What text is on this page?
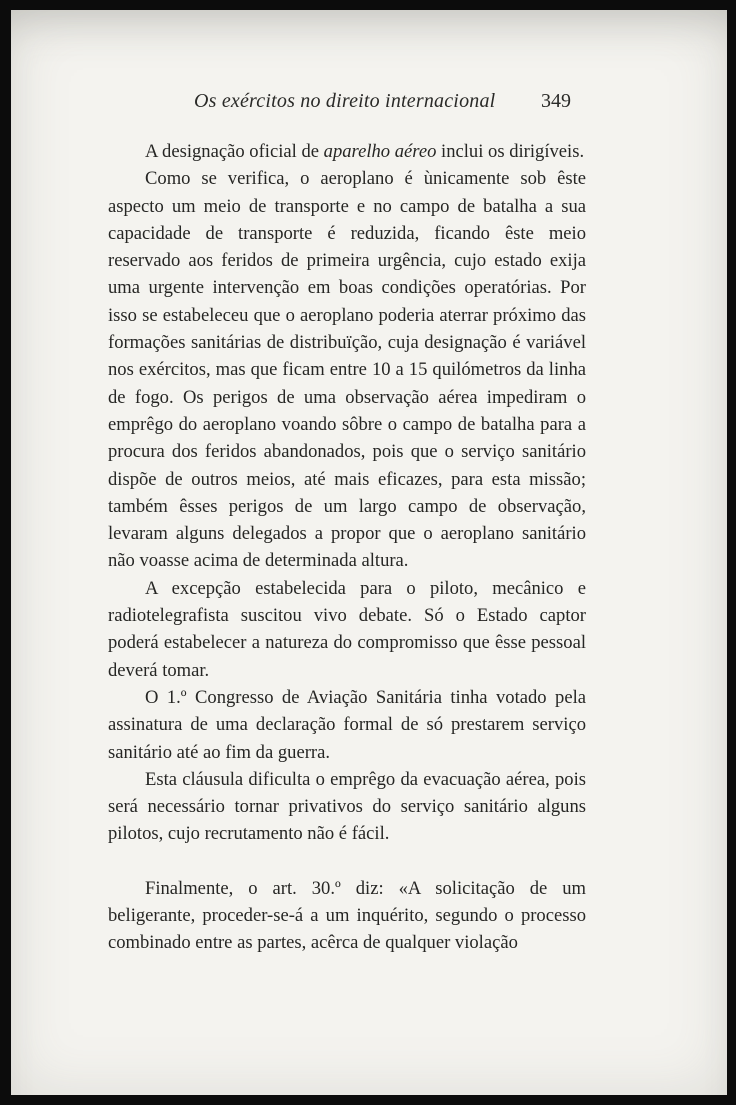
Os exércitos no direito internacional 349

A designação oficial de aparelho aéreo inclui os dirigíveis.

Como se verifica, o aeroplano é ùnicamente sob êste aspecto um meio de transporte e no campo de batalha a sua capacidade de transporte é reduzida, ficando êste meio reservado aos feridos de primeira urgência, cujo estado exija uma urgente intervenção em boas condições operatórias. Por isso se estabeleceu que o aeroplano poderia aterrar próximo das formações sanitárias de distribuïção, cuja designação é variável nos exércitos, mas que ficam entre 10 a 15 quilómetros da linha de fogo. Os perigos de uma observação aérea impediram o emprêgo do aeroplano voando sôbre o campo de batalha para a procura dos feridos abandonados, pois que o serviço sanitário dispõe de outros meios, até mais eficazes, para esta missão; também êsses perigos de um largo campo de observação, levaram alguns delegados a propor que o aeroplano sanitário não voasse acima de determinada altura.

A excepção estabelecida para o piloto, mecânico e radiotelegrafista suscitou vivo debate. Só o Estado captor poderá estabelecer a natureza do compromisso que êsse pessoal deverá tomar.

O 1.º Congresso de Aviação Sanitária tinha votado pela assinatura de uma declaração formal de só prestarem serviço sanitário até ao fim da guerra.

Esta cláusula dificulta o emprêgo da evacuação aérea, pois será necessário tornar privativos do serviço sanitário alguns pilotos, cujo recrutamento não é fácil.

Finalmente, o art. 30.º diz: «A solicitação de um beligerante, proceder-se-á a um inquérito, segundo o processo combinado entre as partes, acêrca de qualquer violação
